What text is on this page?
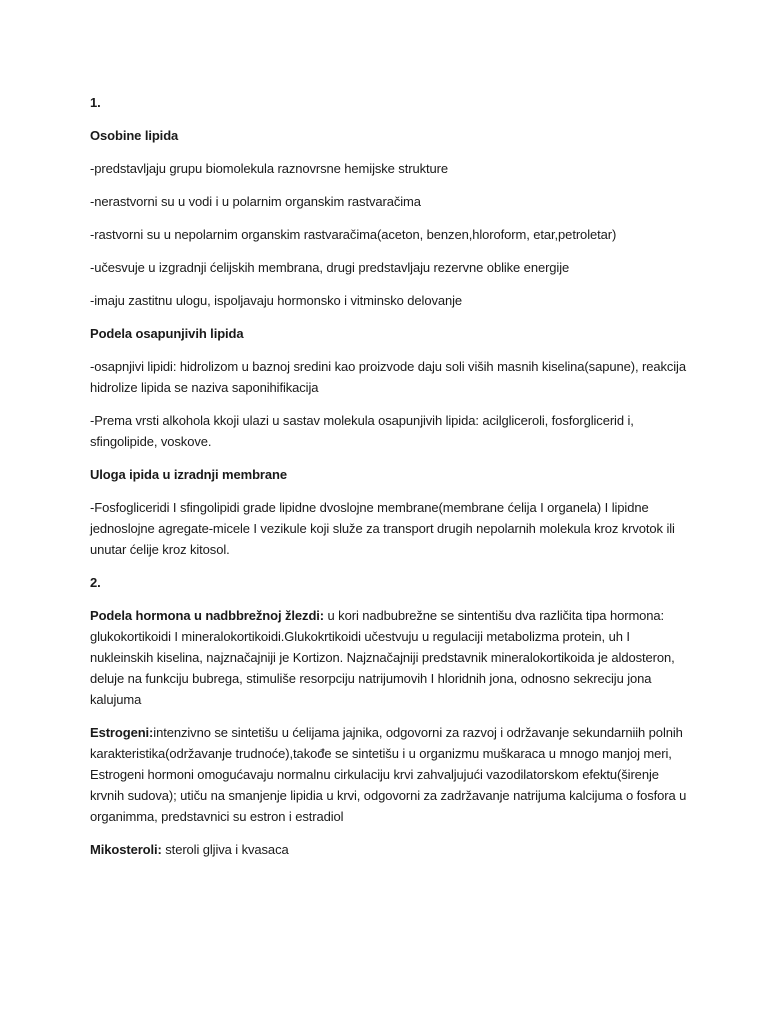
1.

Osobine lipida

-predstavljaju grupu biomolekula raznovrsne hemijske strukture

-nerastvorni su u vodi i u polarnim organskim rastvaračima

-rastvorni su u nepolarnim organskim rastvaračima(aceton, benzen,hloroform, etar,petroletar)

-učesvuje u izgradnji ćelijskih membrana, drugi predstavljaju rezervne oblike energije

-imaju zastitnu ulogu, ispoljavaju hormonsko i vitminsko delovanje

Podela osapunjivih lipida

-osapnjivi lipidi: hidrolizom u baznoj sredini kao proizvode daju soli viših masnih kiselina(sapune), reakcija hidrolize lipida se naziva saponihifikacija

-Prema vrsti alkohola kkoji ulazi u sastav molekula osapunjivih lipida: acilgliceroli, fosforglicerid i, sfingolipide, voskove.

Uloga ipida u izradnji membrane

-Fosfogliceridi I sfingolipidi grade lipidne dvoslojne membrane(membrane ćelija I organela) I lipidne jednoslojne agregate-micele I vezikule koji služe za transport drugih nepolarnih molekula kroz krvotok ili unutar ćelije kroz kitosol.

2.

Podela hormona u nadbbrežnoj žlezdi: u kori nadbubrežne se sintentišu dva različita tipa hormona: glukokortikoidi I mineralokortikoidi.Glukokrtikoidi učestvuju u regulaciji metabolizma protein, uh I nukleinskih kiselina, najznačajniji je Kortizon. Najznačajniji predstavnik mineralokortikoida je aldosteron, deluje na funkciju bubrega, stimuliše resorpciju natrijumovih I hloridnih jona, odnosno sekreciju jona kalujuma

Estrogeni:intenzivno se sintetišu u ćelijama jajnika, odgovorni za razvoj i održavanje sekundarniih polnih karakteristika(održavanje trudnoće),takođe se sintetišu i u organizmu muškaraca u mnogo manjoj meri, Estrogeni hormoni omogućavaju normalnu cirkulaciju krvi zahvaljujući vazodilatorskom efektu(širenje krvnih sudova); utiču na smanjenje lipidia u krvi, odgovorni za zadržavanje natrijuma kalcijuma o fosfora u organimma, predstavnici su estron i estradiol

Mikosteroli: steroli gljiva i kvasaca
